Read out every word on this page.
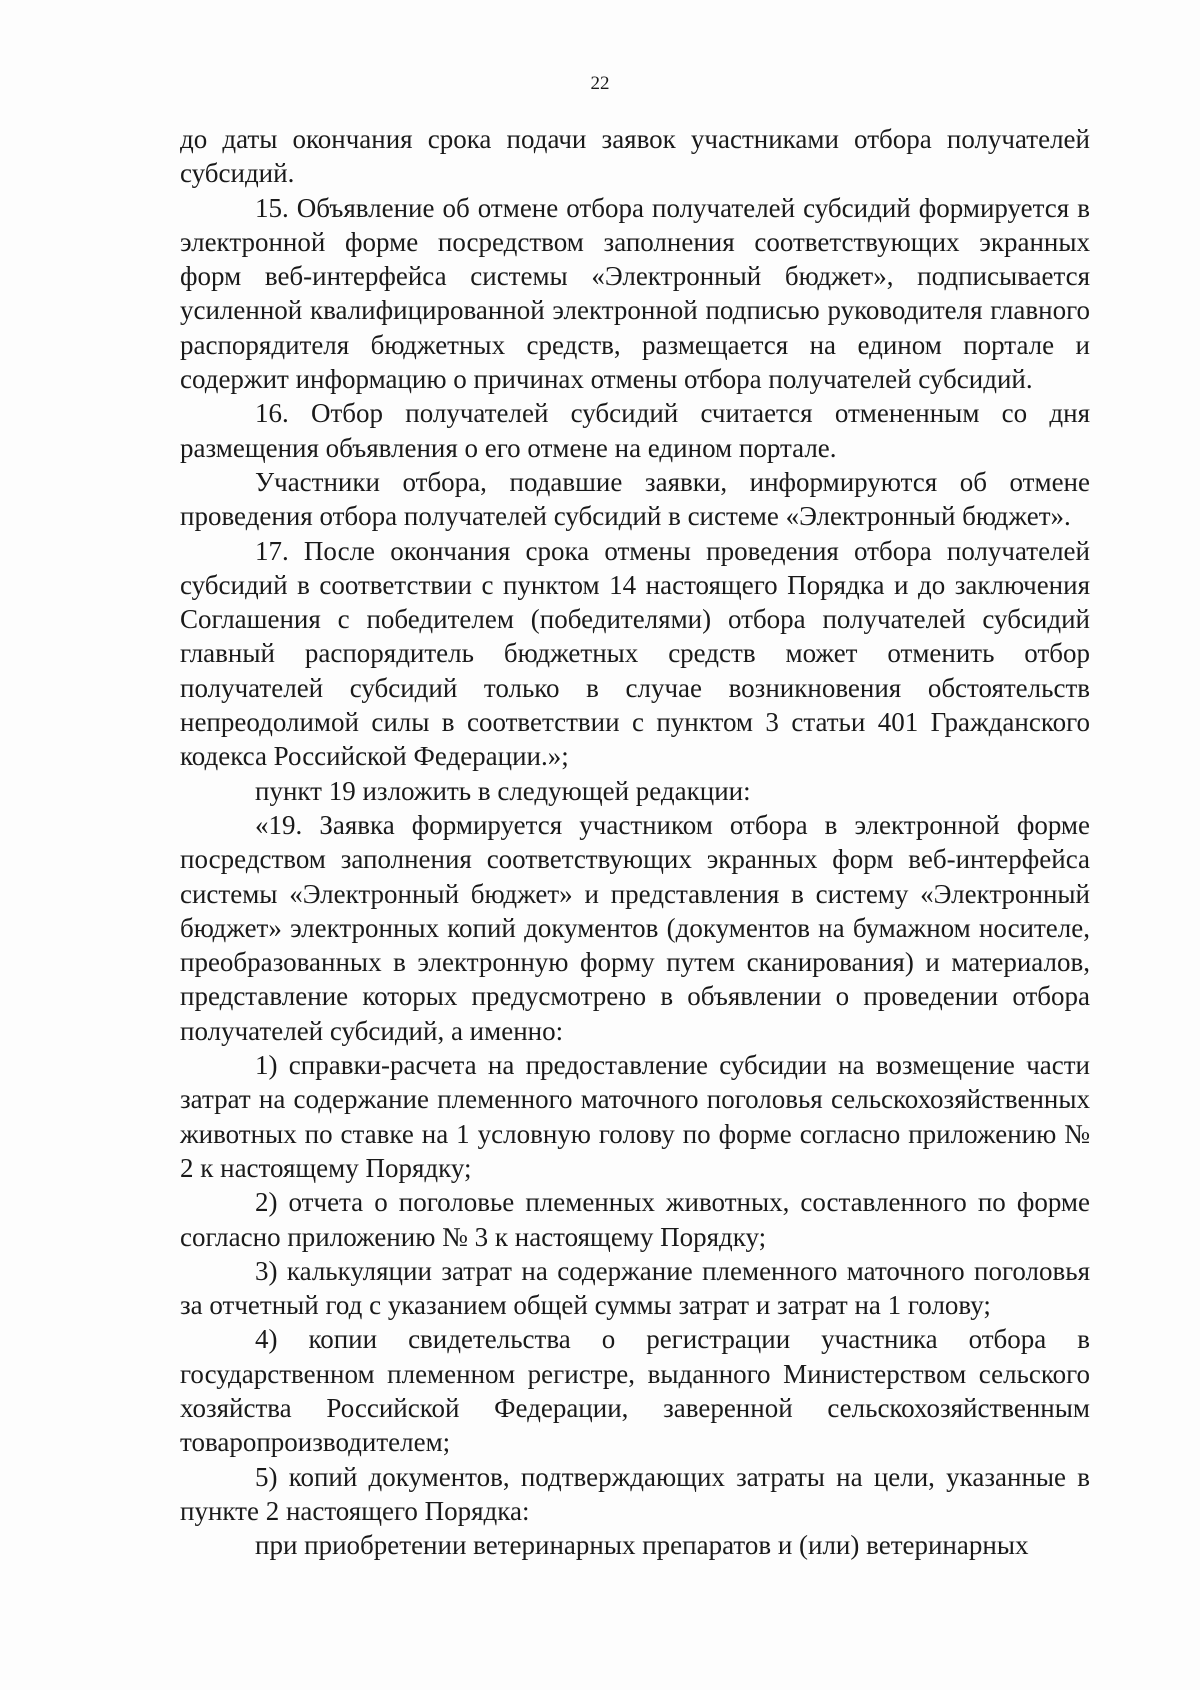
22

до даты окончания срока подачи заявок участниками отбора получателей субсидий.

15. Объявление об отмене отбора получателей субсидий формируется в электронной форме посредством заполнения соответствующих экранных форм веб-интерфейса системы «Электронный бюджет», подписывается усиленной квалифицированной электронной подписью руководителя главного распорядителя бюджетных средств, размещается на едином портале и содержит информацию о причинах отмены отбора получателей субсидий.

16. Отбор получателей субсидий считается отмененным со дня размещения объявления о его отмене на едином портале.

Участники отбора, подавшие заявки, информируются об отмене проведения отбора получателей субсидий в системе «Электронный бюджет».

17. После окончания срока отмены проведения отбора получателей субсидий в соответствии с пунктом 14 настоящего Порядка и до заключения Соглашения с победителем (победителями) отбора получателей субсидий главный распорядитель бюджетных средств может отменить отбор получателей субсидий только в случае возникновения обстоятельств непреодолимой силы в соответствии с пунктом 3 статьи 401 Гражданского кодекса Российской Федерации.»;

пункт 19 изложить в следующей редакции:

«19. Заявка формируется участником отбора в электронной форме посредством заполнения соответствующих экранных форм веб-интерфейса системы «Электронный бюджет» и представления в систему «Электронный бюджет» электронных копий документов (документов на бумажном носителе, преобразованных в электронную форму путем сканирования) и материалов, представление которых предусмотрено в объявлении о проведении отбора получателей субсидий, а именно:

1) справки-расчета на предоставление субсидии на возмещение части затрат на содержание племенного маточного поголовья сельскохозяйственных животных по ставке на 1 условную голову по форме согласно приложению № 2 к настоящему Порядку;

2) отчета о поголовье племенных животных, составленного по форме согласно приложению № 3 к настоящему Порядку;

3) калькуляции затрат на содержание племенного маточного поголовья за отчетный год с указанием общей суммы затрат и затрат на 1 голову;

4) копии свидетельства о регистрации участника отбора в государственном племенном регистре, выданного Министерством сельского хозяйства Российской Федерации, заверенной сельскохозяйственным товаропроизводителем;

5) копий документов, подтверждающих затраты на цели, указанные в пункте 2 настоящего Порядка:

при приобретении ветеринарных препаратов и (или) ветеринарных
